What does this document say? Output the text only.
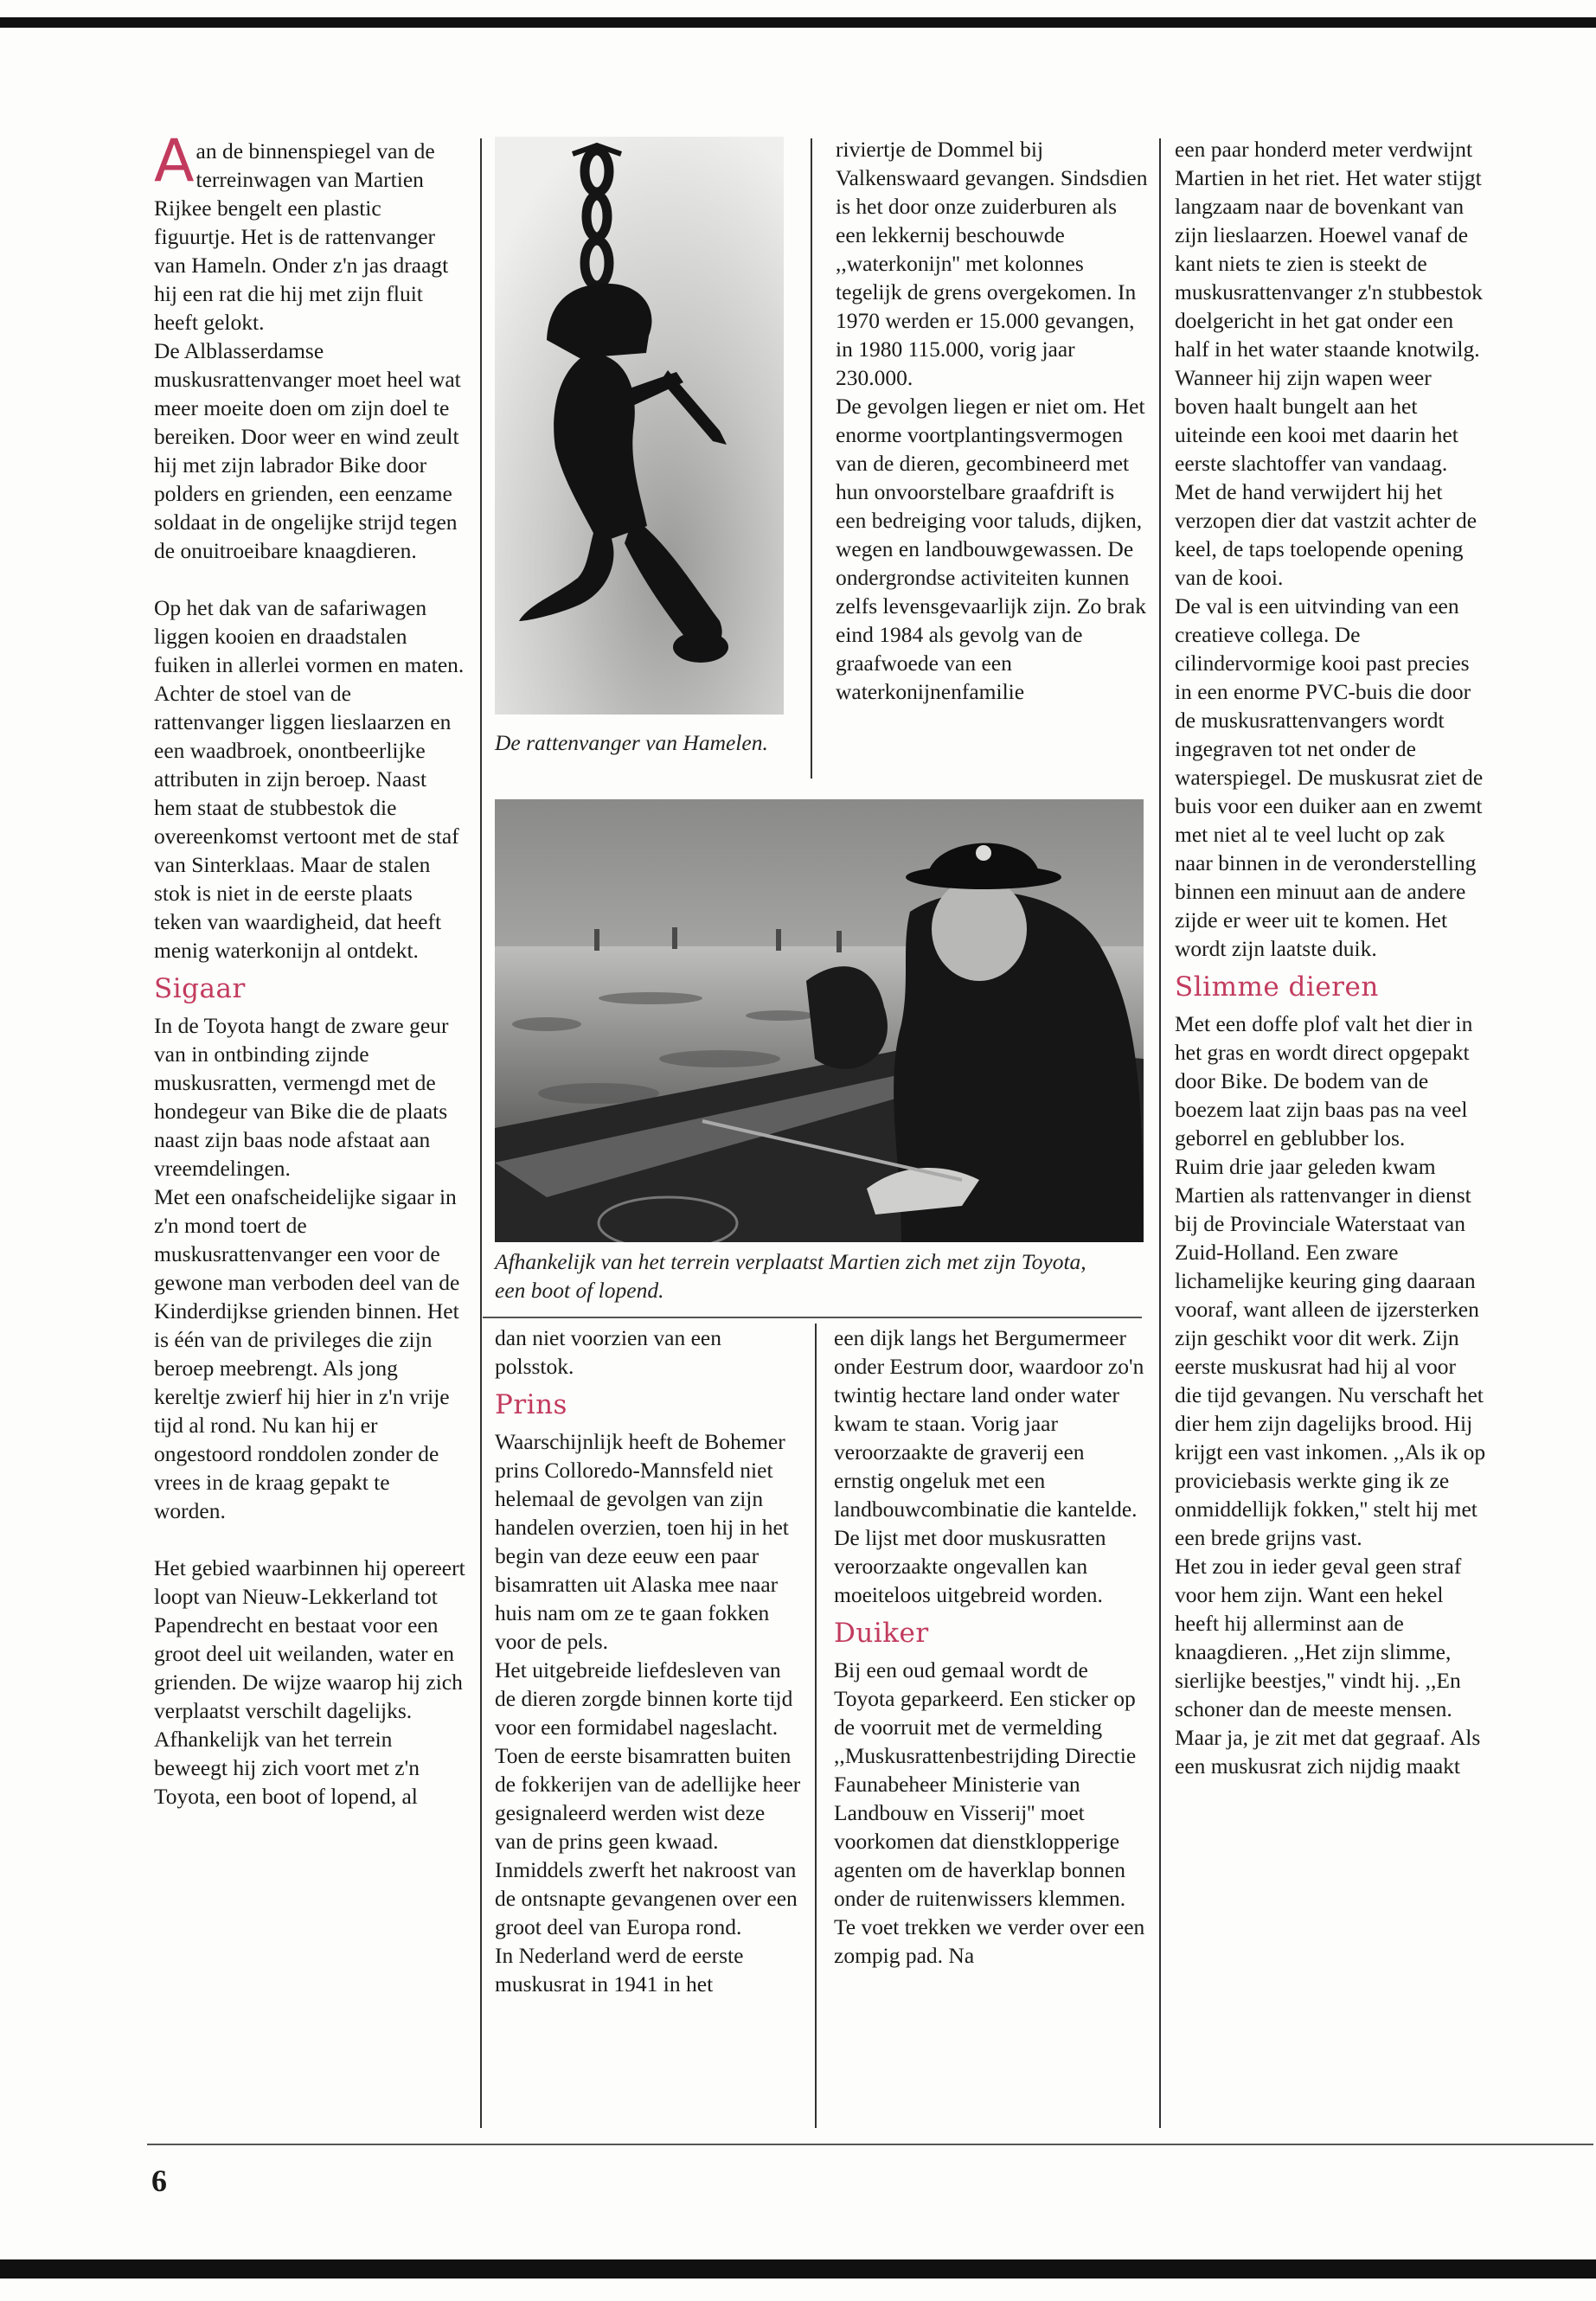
Aan de binnenspiegel van de terreinwagen van Martien Rijkee bengelt een plastic figuurtje. Het is de rattenvanger van Hameln. Onder z'n jas draagt hij een rat die hij met zijn fluit heeft gelokt.

De Alblasserdamse muskusrattenvanger moet heel wat meer moeite doen om zijn doel te bereiken. Door weer en wind zeult hij met zijn labrador Bike door polders en grienden, een eenzame soldaat in de ongelijke strijd tegen de onuitroeibare knaagdieren.

Op het dak van de safariwagen liggen kooien en draadstalen fuiken in allerlei vormen en maten. Achter de stoel van de rattenvanger liggen lieslaarzen en een waadbroek, onontbeerlijke attributen in zijn beroep. Naast hem staat de stubbestok die overeenkomst vertoont met de staf van Sinterklaas. Maar de stalen stok is niet in de eerste plaats teken van waardigheid, dat heeft menig waterkonijn al ontdekt.

Sigaar

In de Toyota hangt de zware geur van in ontbinding zijnde muskusratten, vermengd met de hondegeur van Bike die de plaats naast zijn baas node afstaat aan vreemdelingen.

Met een onafscheidelijke sigaar in z'n mond toert de muskusrattenvanger een voor de gewone man verboden deel van de Kinderdijkse grienden binnen. Het is één van de privileges die zijn beroep meebrengt. Als jong kereltje zwierf hij hier in z'n vrije tijd al rond. Nu kan hij er ongestoord ronddolen zonder de vrees in de kraag gepakt te worden.

Het gebied waarbinnen hij opereert loopt van Nieuw-Lekkerland tot Papendrecht en bestaat voor een groot deel uit weilanden, water en grienden. De wijze waarop hij zich verplaatst verschilt dagelijks. Afhankelijk van het terrein beweegt hij zich voort met z'n Toyota, een boot of lopend, al

De rattenvanger van Hamelen.

riviertje de Dommel bij Valkenswaard gevangen. Sindsdien is het door onze zuiderburen als een lekkernij beschouwde ,,waterkonijn'' met kolonnes tegelijk de grens overgekomen. In 1970 werden er 15.000 gevangen, in 1980 115.000, vorig jaar 230.000.

De gevolgen liegen er niet om. Het enorme voortplantingsvermogen van de dieren, gecombineerd met hun onvoorstelbare graafdrift is een bedreiging voor taluds, dijken, wegen en landbouwgewassen. De ondergrondse activiteiten kunnen zelfs levensgevaarlijk zijn. Zo brak eind 1984 als gevolg van de graafwoede van een waterkonijnenfamilie

Afhankelijk van het terrein verplaatst Martien zich met zijn Toyota, een boot of lopend.

dan niet voorzien van een polsstok.

Prins

Waarschijnlijk heeft de Bohemer prins Colloredo-Mannsfeld niet helemaal de gevolgen van zijn handelen overzien, toen hij in het begin van deze eeuw een paar bisamratten uit Alaska mee naar huis nam om ze te gaan fokken voor de pels.

Het uitgebreide liefdesleven van de dieren zorgde binnen korte tijd voor een formidabel nageslacht.

Toen de eerste bisamratten buiten de fokkerijen van de adellijke heer gesignaleerd werden wist deze van de prins geen kwaad. Inmiddels zwerft het nakroost van de ontsnapte gevangenen over een groot deel van Europa rond.

In Nederland werd de eerste muskusrat in 1941 in het

een dijk langs het Bergumermeer onder Eestrum door, waardoor zo'n twintig hectare land onder water kwam te staan. Vorig jaar veroorzaakte de graverij een ernstig ongeluk met een landbouwcombinatie die kantelde. De lijst met door muskusratten veroorzaakte ongevallen kan moeiteloos uitgebreid worden.

Duiker

Bij een oud gemaal wordt de Toyota geparkeerd. Een sticker op de voorruit met de vermelding ,,Muskusrattenbestrijding Directie Faunabeheer Ministerie van Landbouw en Visserij'' moet voorkomen dat dienstklopperige agenten om de haverklap bonnen onder de ruitenwissers klemmen.

Te voet trekken we verder over een zompig pad. Na

een paar honderd meter verdwijnt Martien in het riet. Het water stijgt langzaam naar de bovenkant van zijn lieslaarzen. Hoewel vanaf de kant niets te zien is steekt de muskusrattenvanger z'n stubbestok doelgericht in het gat onder een half in het water staande knotwilg. Wanneer hij zijn wapen weer boven haalt bungelt aan het uiteinde een kooi met daarin het eerste slachtoffer van vandaag. Met de hand verwijdert hij het verzopen dier dat vastzit achter de keel, de taps toelopende opening van de kooi.

De val is een uitvinding van een creatieve collega. De cilindervormige kooi past precies in een enorme PVC-buis die door de muskusrattenvangers wordt ingegraven tot net onder de waterspiegel. De muskusrat ziet de buis voor een duiker aan en zwemt met niet al te veel lucht op zak naar binnen in de veronderstelling binnen een minuut aan de andere zijde er weer uit te komen. Het wordt zijn laatste duik.

Slimme dieren

Met een doffe plof valt het dier in het gras en wordt direct opgepakt door Bike. De bodem van de boezem laat zijn baas pas na veel geborrel en geblubber los.

Ruim drie jaar geleden kwam Martien als rattenvanger in dienst bij de Provinciale Waterstaat van Zuid-Holland. Een zware lichamelijke keuring ging daaraan vooraf, want alleen de ijzersterken zijn geschikt voor dit werk. Zijn eerste muskusrat had hij al voor die tijd gevangen. Nu verschaft het dier hem zijn dagelijks brood. Hij krijgt een vast inkomen. ,,Als ik op proviciebasis werkte ging ik ze onmiddellijk fokken,'' stelt hij met een brede grijns vast.

Het zou in ieder geval geen straf voor hem zijn. Want een hekel heeft hij allerminst aan de knaagdieren. ,,Het zijn slimme, sierlijke beestjes,'' vindt hij. ,,En schoner dan de meeste mensen. Maar ja, je zit met dat gegraaf. Als een muskusrat zich nijdig maakt

6
